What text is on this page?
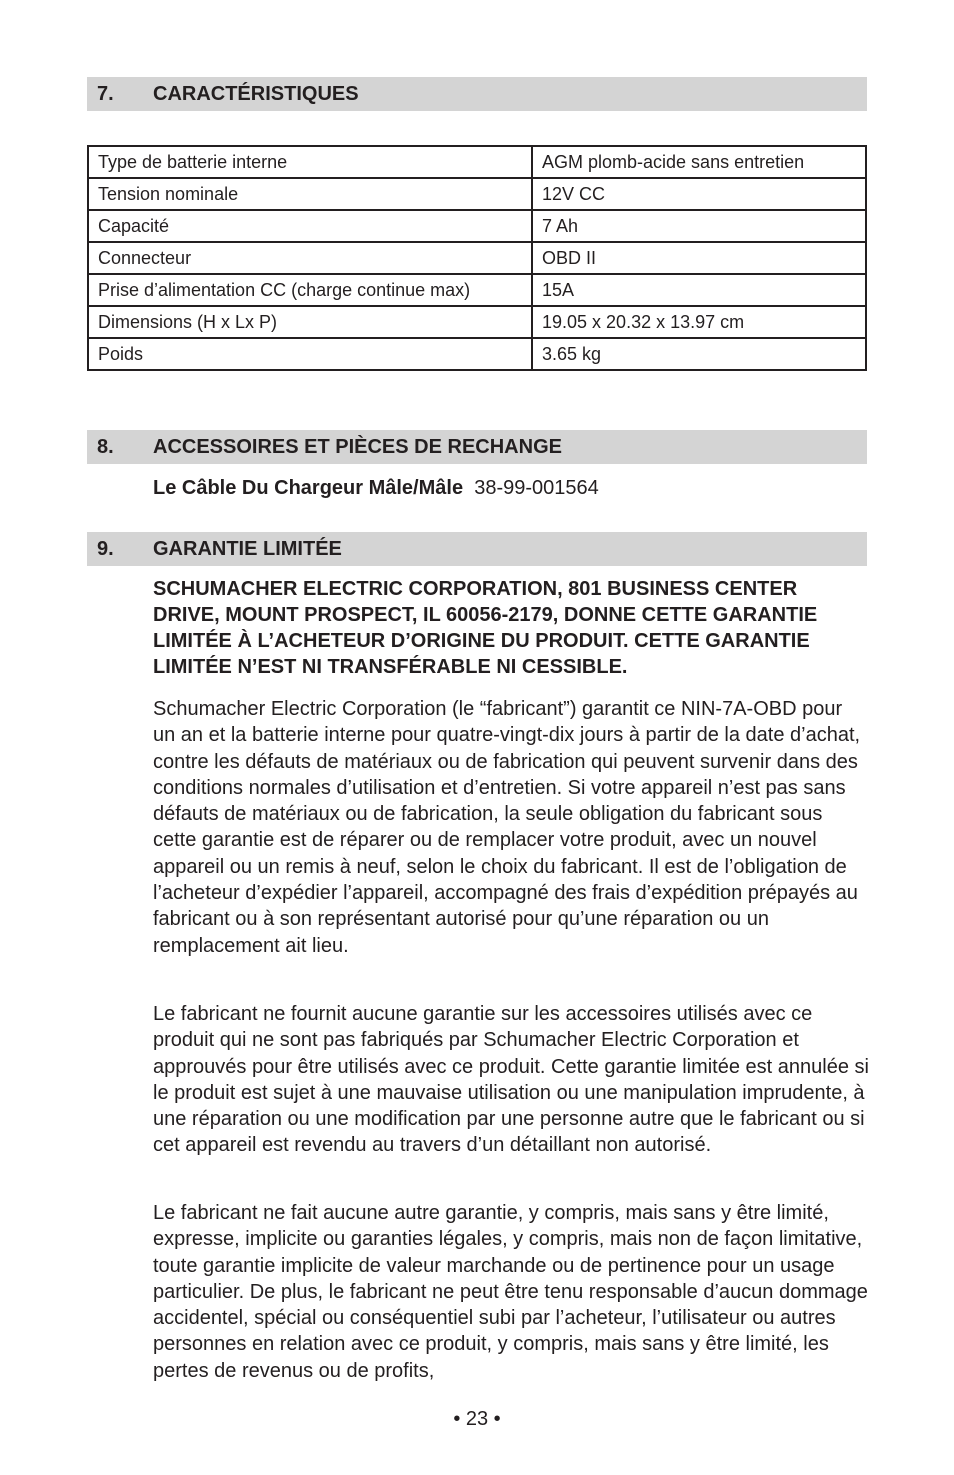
7. CARACTÉRISTIQUES
Type de batterie interne	AGM plomb-acide sans entretien
Tension nominale	12V CC
Capacité	7 Ah
Connecteur	OBD II
Prise d’alimentation CC (charge continue max)	15A
Dimensions (H x Lx P)	19.05 x 20.32 x 13.97 cm
Poids	3.65 kg
8. ACCESSOIRES ET PIÈCES DE RECHANGE
Le Câble Du Chargeur Mâle/Mâle 38-99-001564
9. GARANTIE LIMITÉE

SCHUMACHER ELECTRIC CORPORATION, 801 BUSINESS CENTER DRIVE, MOUNT PROSPECT, IL 60056-2179, DONNE CETTE GARANTIE LIMITÉE À L’ACHETEUR D’ORIGINE DU PRODUIT. CETTE GARANTIE LIMITÉE N’EST NI TRANSFÉRABLE NI CESSIBLE.

Schumacher Electric Corporation (le “fabricant”) garantit ce NIN-7A-OBD pour un an et la batterie interne pour quatre-vingt-dix jours à partir de la date d’achat, contre les défauts de matériaux ou de fabrication qui peuvent survenir dans des conditions normales d’utilisation et d’entretien. Si votre appareil n’est pas sans défauts de matériaux ou de fabrication, la seule obligation du fabricant sous cette garantie est de réparer ou de remplacer votre produit, avec un nouvel appareil ou un remis à neuf, selon le choix du fabricant. Il est de l’obligation de l’acheteur d’expédier l’appareil, accompagné des frais d’expédition prépayés au fabricant ou à son représentant autorisé pour qu’une réparation ou un remplacement ait lieu.

Le fabricant ne fournit aucune garantie sur les accessoires utilisés avec ce produit qui ne sont pas fabriqués par Schumacher Electric Corporation et approuvés pour être utilisés avec ce produit. Cette garantie limitée est annulée si le produit est sujet à une mauvaise utilisation ou une manipulation imprudente, à une réparation ou une modification par une personne autre que le fabricant ou si cet appareil est revendu au travers d’un détaillant non autorisé.

Le fabricant ne fait aucune autre garantie, y compris, mais sans y être limité, expresse, implicite ou garanties légales, y compris, mais non de façon limitative, toute garantie implicite de valeur marchande ou de pertinence pour un usage particulier. De plus, le fabricant ne peut être tenu responsable d’aucun dommage accidentel, spécial ou conséquentiel subi par l’acheteur, l’utilisateur ou autres personnes en relation avec ce produit, y compris, mais sans y être limité, les pertes de revenus ou de profits,

• 23 •
